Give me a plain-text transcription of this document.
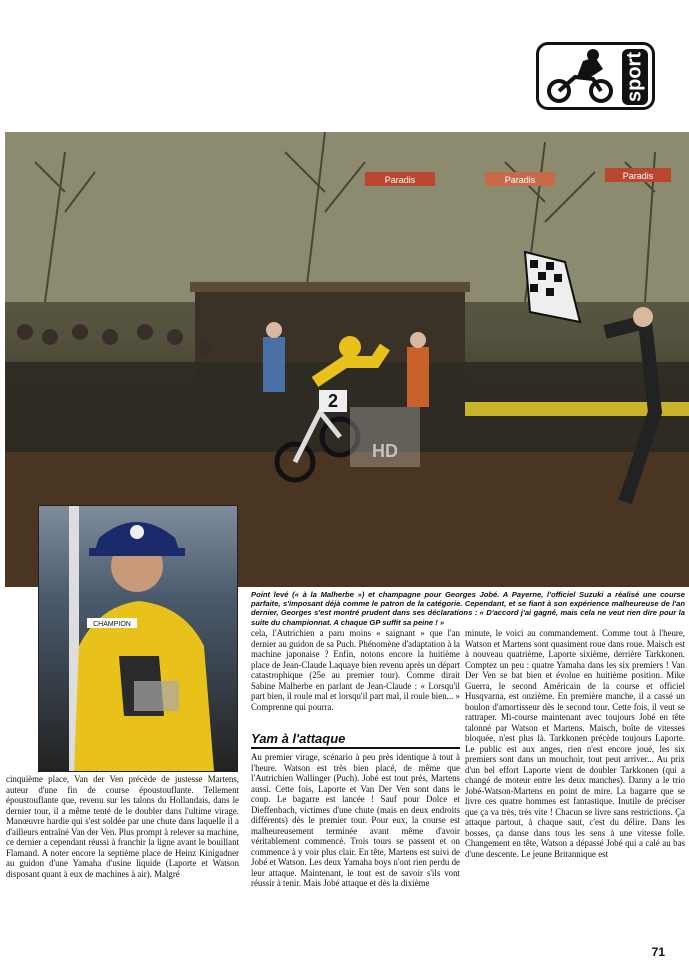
sport
Paradis	Paradis	Paradis
2
HD
CHAMPION
Point levé (« à la Malherbe ») et champagne pour Georges Jobé. A Payerne, l'officiel Suzuki a réalisé une course parfaite, s'imposant déjà comme le patron de la catégorie. Cependant, et se fiant à son expérience malheureuse de l'an dernier, Georges s'est montré prudent dans ses déclarations : « D'accord j'ai gagné, mais cela ne veut rien dire pour la suite du championnat. A chaque GP suffit sa peine ! »
cinquième place, Van der Ven précède de justesse Martens, auteur d'une fin de course époustouflante. Tellement époustouflante que, revenu sur les talons du Hollandais, dans le dernier tour, il a même tenté de le doubler dans l'ultime virage. Manœuvre hardie qui s'est soldée par une chute dans laquelle il a d'ailleurs entraîné Van der Ven. Plus prompt à relever sa machine, ce dernier a cependant réussi à franchir la ligne avant le bouillant Flamand. A noter encore la septième place de Heinz Kinigadner au guidon d'une Yamaha d'usine liquide (Laporte et Watson disposant quant à eux de machines à air). Malgré
cela, l'Autrichien a paru moins « saignant » que l'an dernier au guidon de sa Puch. Phénomène d'adaptation à la machine japonaise ? Enfin, notons encore la huitième place de Jean-Claude Laquaye bien revenu après un départ catastrophique (25e au premier tour). Comme dirait Sabine Malherbe en parlant de Jean-Claude : « Lorsqu'il part bien, il roule mal et lorsqu'il part mal, il roule bien... » Comprenne qui pourra.
Yam à l'attaque
Au premier virage, scénario à peu près identique à tout à l'heure. Watson est très bien placé, de même que l'Autrichien Wallinger (Puch). Jobé est tout près, Martens aussi. Cette fois, Laporte et Van Der Ven sont dans le coup. Le bagarre est lancée ! Sauf pour Dolce et Dieffenbach, victimes d'une chute (mais en deux endroits différents) dès le premier tour. Pour eux, la course est malheureusement terminée avant même d'avoir véritablement commencé. Trois tours se passent et on commence à y voir plus clair. En tête, Martens est suivi de Jobé et Watson. Les deux Yamaha boys n'ont rien perdu de leur attaque. Maintenant, le tout est de savoir s'ils vont réussir à tenir. Mais Jobé attaque et dès la dixième
minute, le voici au commandement. Comme tout à l'heure, Watson et Martens sont quasiment roue dans roue. Maisch est à nouveau quatrième, Laporte sixième, derrière Tarkkonen. Comptez un peu : quatre Yamaha dans les six premiers ! Van Der Ven se bat bien et évolue en huitième position. Mike Guerra, le second Américain de la course et officiel Husqvarna, est onzième. En première manche, il a cassé un boulon d'amortisseur dès le second tour. Cette fois, il veut se rattraper. Mi-course maintenant avec toujours Jobé en tête talonné par Watson et Martens. Maisch, boîte de vitesses bloquée, n'est plus là. Tarkkonen précède toujours Laporte. Le public est aux anges, rien n'est encore joué, les six premiers sont dans un mouchoir, tout peut arriver... Au prix d'un bel effort Laporte vient de doubler Tarkkonen (qui a changé de moteur entre les deux manches). Danny a le trio Jobé-Watson-Martens en point de mire. La bagarre que se livre ces quatre hommes est fantastique. Inutile de préciser que ça va très, très vite ! Chacun se livre sans restrictions. Ça attaque partout, à chaque saut, c'est du délire. Dans les bosses, ça danse dans tous les sens à une vitesse folle. Changement en tête, Watson a dépassé Jobé qui a calé au bas d'une descente. Le jeune Britannique est
71
